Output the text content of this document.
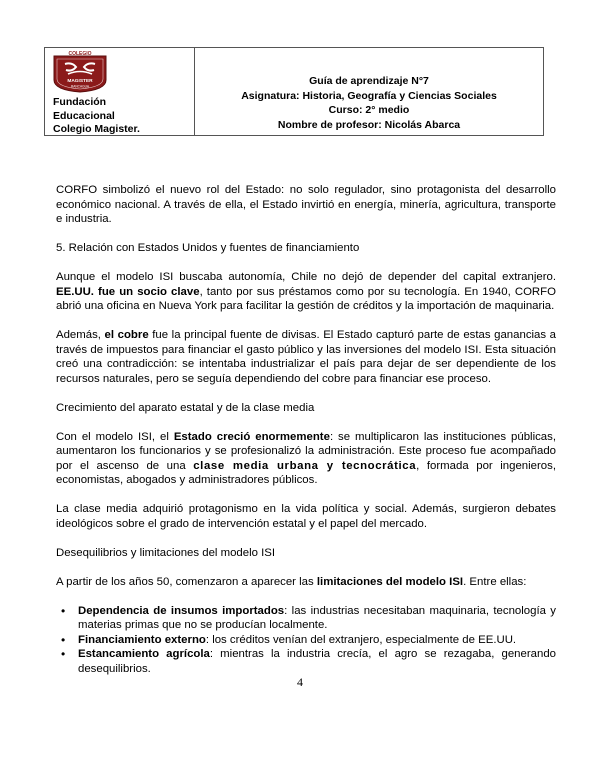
COLEGIO
MAGISTER
RANCAGUA
Fundación
Educacional
Colegio Magister.
Guía de aprendizaje N°7
Asignatura: Historia, Geografía y Ciencias Sociales
Curso: 2° medio
Nombre de profesor: Nicolás Abarca

CORFO simbolizó el nuevo rol del Estado: no solo regulador, sino protagonista del desarrollo económico nacional. A través de ella, el Estado invirtió en energía, minería, agricultura, transporte e industria.

5. Relación con Estados Unidos y fuentes de financiamiento

Aunque el modelo ISI buscaba autonomía, Chile no dejó de depender del capital extranjero. EE.UU. fue un socio clave, tanto por sus préstamos como por su tecnología. En 1940, CORFO abrió una oficina en Nueva York para facilitar la gestión de créditos y la importación de maquinaria.

Además, el cobre fue la principal fuente de divisas. El Estado capturó parte de estas ganancias a través de impuestos para financiar el gasto público y las inversiones del modelo ISI. Esta situación creó una contradicción: se intentaba industrializar el país para dejar de ser dependiente de los recursos naturales, pero se seguía dependiendo del cobre para financiar ese proceso.

Crecimiento del aparato estatal y de la clase media

Con el modelo ISI, el Estado creció enormemente: se multiplicaron las instituciones públicas, aumentaron los funcionarios y se profesionalizó la administración. Este proceso fue acompañado por el ascenso de una clase media urbana y tecnocrática, formada por ingenieros, economistas, abogados y administradores públicos.

La clase media adquirió protagonismo en la vida política y social. Además, surgieron debates ideológicos sobre el grado de intervención estatal y el papel del mercado.

Desequilibrios y limitaciones del modelo ISI

A partir de los años 50, comenzaron a aparecer las limitaciones del modelo ISI. Entre ellas:

• Dependencia de insumos importados: las industrias necesitaban maquinaria, tecnología y materias primas que no se producían localmente.
• Financiamiento externo: los créditos venían del extranjero, especialmente de EE.UU.
• Estancamiento agrícola: mientras la industria crecía, el agro se rezagaba, generando desequilibrios.
4
